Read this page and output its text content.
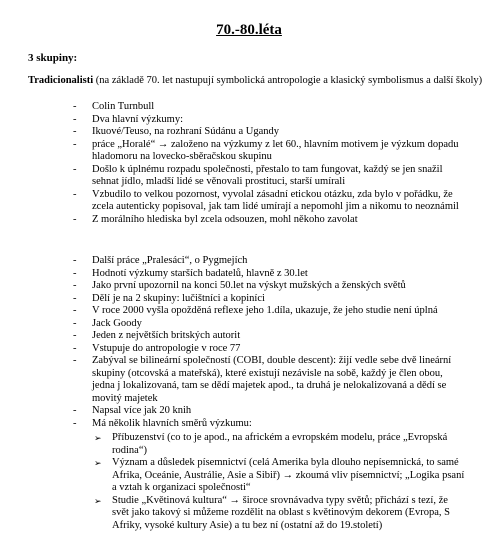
70.-80.léta
3 skupiny:
Tradicionalisti (na základě 70. let nastupují symbolická antropologie a klasický symbolismus a další školy)
- Colin Turnbull
- Dva hlavní výzkumy:
- Ikuové/Teuso, na rozhraní Súdánu a Ugandy
- práce „Horalé“ → založeno na výzkumy z let 60., hlavním motivem je výzkum dopadu hladomoru na lovecko-sběračskou skupinu
- Došlo k úplnému rozpadu společnosti, přestalo to tam fungovat, každý se jen snažil sehnat jídlo, mladší lidé se věnovali prostituci, starší umírali
- Vzbudilo to velkou pozornost, vyvolal zásadní etickou otázku, zda bylo v pořádku, že zcela autenticky popisoval, jak tam lidé umírají a nepomohl jim a nikomu to neoznámil
- Z morálního hlediska byl zcela odsouzen, mohl někoho zavolat
- Další práce „Pralesáci“, o Pygmejích
- Hodnotí výzkumy starších badatelů, hlavně z 30.let
- Jako první upozornil na konci 50.let na výskyt mužských a ženských světů
- Dělí je na 2 skupiny: lučištníci a kopiníci
- V roce 2000 vyšla opožděná reflexe jeho 1.díla, ukazuje, že jeho studie není úplná
- Jack Goody
- Jeden z největších britských autorit
- Vstupuje do antropologie v roce 77
- Zabýval se bilineární společností (COBI, double descent): žijí vedle sebe dvě lineární skupiny (otcovská a mateřská), které existují nezávisle na sobě, každý je člen obou, jedna j lokalizovaná, tam se dědí majetek apod., ta druhá je nelokalizovaná a dědí se movitý majetek
- Napsal více jak 20 knih
- Má několik hlavních směrů výzkumu:
➢ Příbuzenství (co to je apod., na africkém a evropském modelu, práce „Evropská rodina“)
➢ Význam a důsledek písemnictví (celá Amerika byla dlouho nepísemnická, to samé Afrika, Oceánie, Austrálie, Asie a Sibiř) → zkoumá vliv písemnictví; „Logika psaní a vztah k organizaci společnosti“
➢ Studie „Květinová kultura“ → široce srovnávadva typy světů; přichází s tezí, že svět jako takový si můžeme rozdělit na oblast s květinovým dekorem (Evropa, S Afriky, vysoké kultury Asie) a tu bez ní (ostatní až do 19.století)
